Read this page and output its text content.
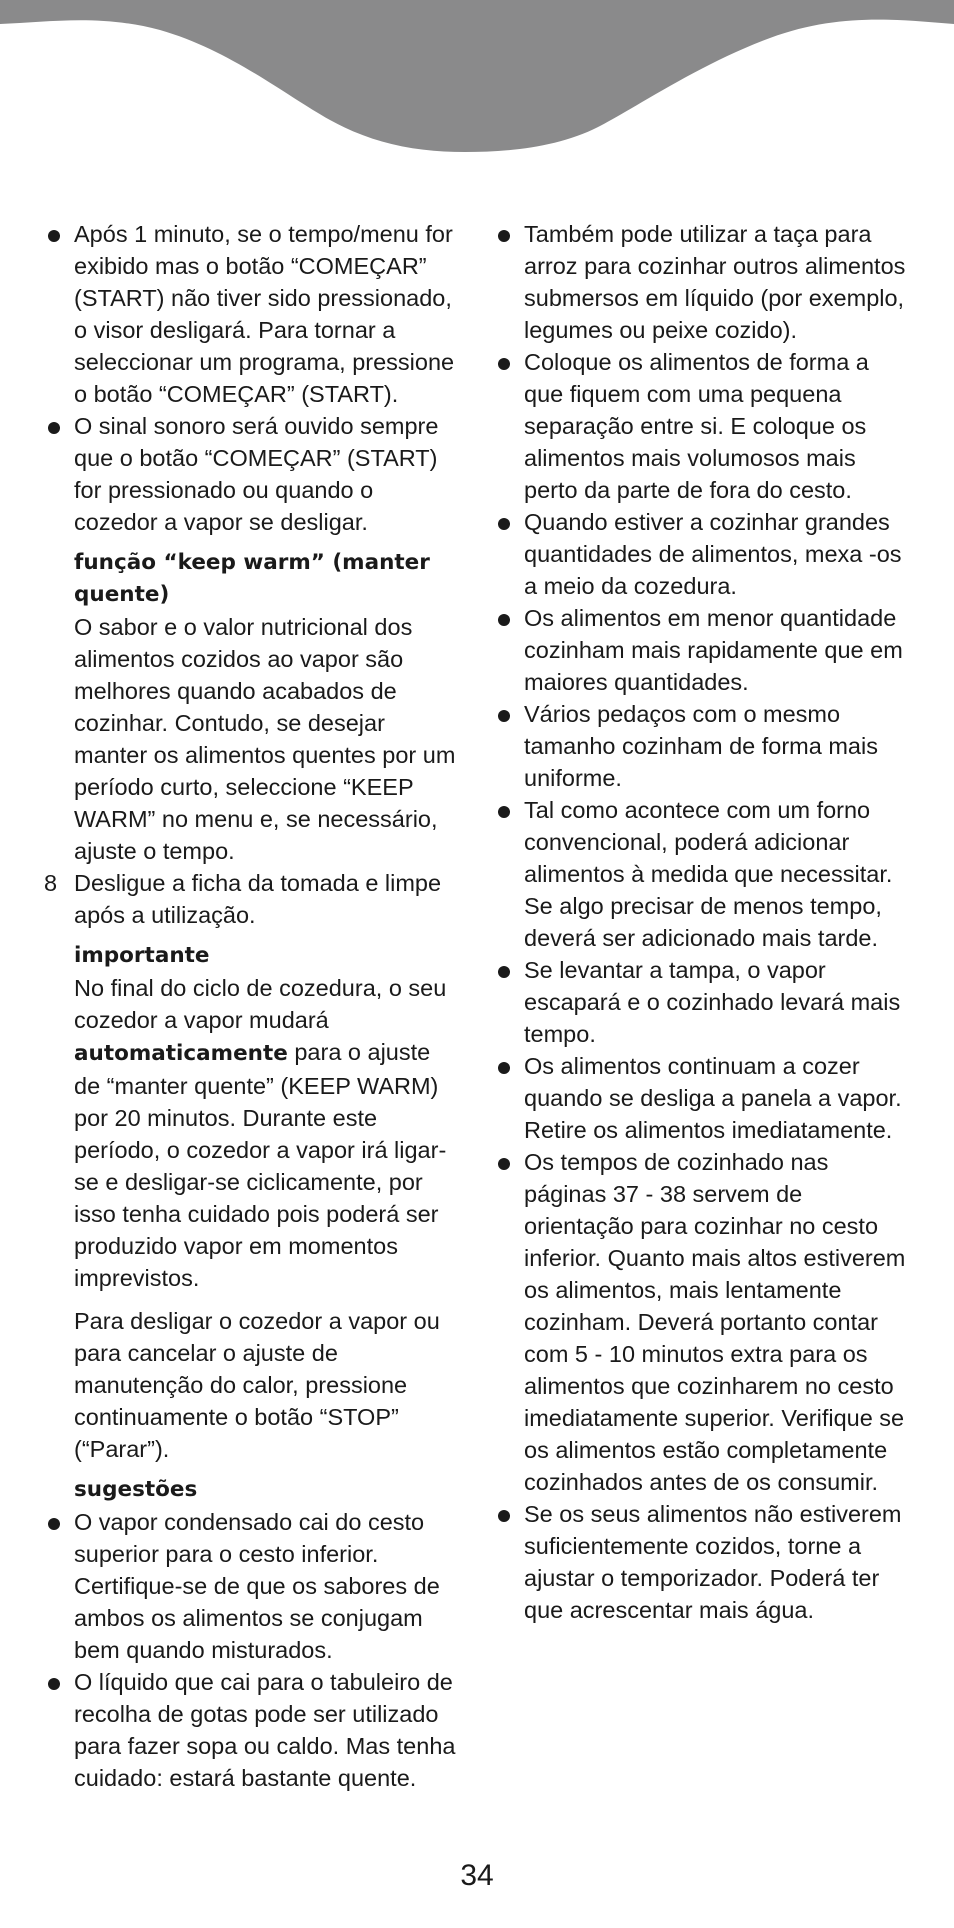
Após 1 minuto, se o tempo/menu for exibido mas o botão “COMEÇAR” (START) não tiver sido pressionado, o visor desligará. Para tornar a seleccionar um programa, pressione o botão “COMEÇAR” (START).
O sinal sonoro será ouvido sempre que o botão “COMEÇAR” (START) for pressionado ou quando o cozedor a vapor se desligar.
função “keep warm” (manter quente)
O sabor e o valor nutricional dos alimentos cozidos ao vapor são melhores quando acabados de cozinhar. Contudo, se desejar manter os alimentos quentes por um período curto, seleccione “KEEP WARM” no menu e, se necessário, ajuste o tempo.
8 Desligue a ficha da tomada e limpe após a utilização.
importante
No final do ciclo de cozedura, o seu cozedor a vapor mudará automaticamente para o ajuste de “manter quente” (KEEP WARM) por 20 minutos. Durante este período, o cozedor a vapor irá ligar-se e desligar-se ciclicamente, por isso tenha cuidado pois poderá ser produzido vapor em momentos imprevistos.
Para desligar o cozedor a vapor ou para cancelar o ajuste de manutenção do calor, pressione continuamente o botão “STOP” (“Parar”).
sugestões
O vapor condensado cai do cesto superior para o cesto inferior. Certifique-se de que os sabores de ambos os alimentos se conjugam bem quando misturados.
O líquido que cai para o tabuleiro de recolha de gotas pode ser utilizado para fazer sopa ou caldo. Mas tenha cuidado: estará bastante quente.
Também pode utilizar a taça para arroz para cozinhar outros alimentos submersos em líquido (por exemplo, legumes ou peixe cozido).
Coloque os alimentos de forma a que fiquem com uma pequena separação entre si. E coloque os alimentos mais volumosos mais perto da parte de fora do cesto.
Quando estiver a cozinhar grandes quantidades de alimentos, mexa -os a meio da cozedura.
Os alimentos em menor quantidade cozinham mais rapidamente que em maiores quantidades.
Vários pedaços com o mesmo tamanho cozinham de forma mais uniforme.
Tal como acontece com um forno convencional, poderá adicionar alimentos à medida que necessitar. Se algo precisar de menos tempo, deverá ser adicionado mais tarde.
Se levantar a tampa, o vapor escapará e o cozinhado levará mais tempo.
Os alimentos continuam a cozer quando se desliga a panela a vapor. Retire os alimentos imediatamente.
Os tempos de cozinhado nas páginas 37 - 38 servem de orientação para cozinhar no cesto inferior. Quanto mais altos estiverem os alimentos, mais lentamente cozinham. Deverá portanto contar com 5 - 10 minutos extra para os alimentos que cozinharem no cesto imediatamente superior. Verifique se os alimentos estão completamente cozinhados antes de os consumir.
Se os seus alimentos não estiverem suficientemente cozidos, torne a ajustar o temporizador. Poderá ter que acrescentar mais água.
34
